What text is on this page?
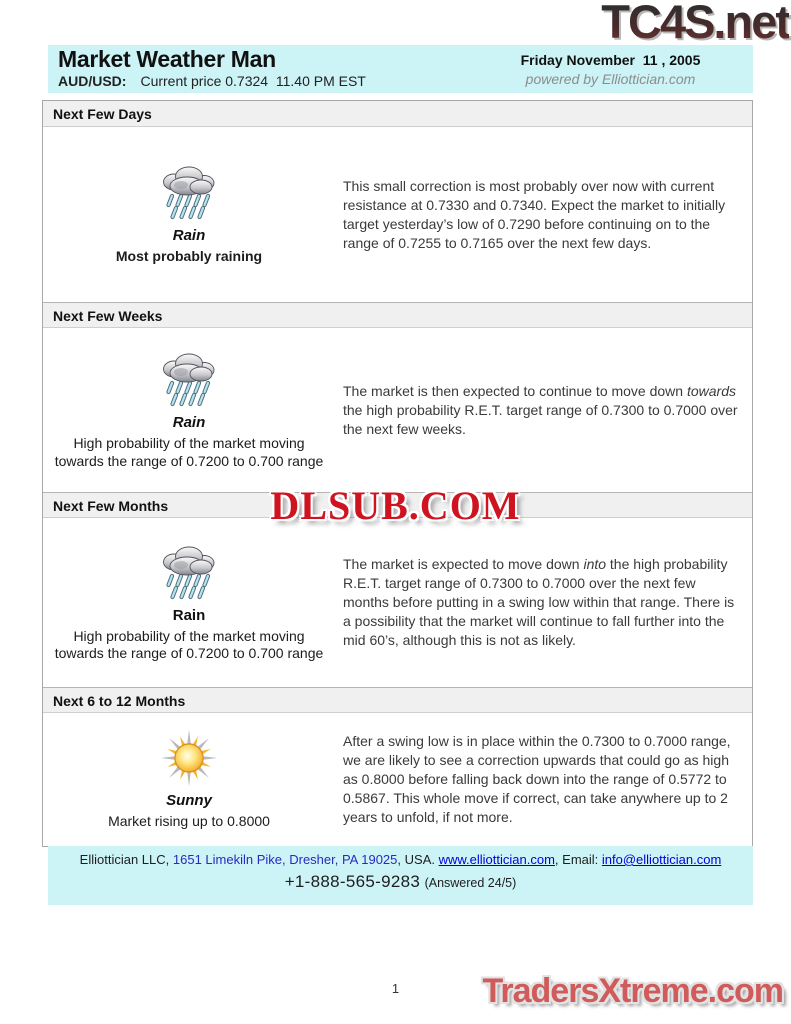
TC4S.net
Market Weather Man
AUD/USD: Current price 0.7324  11.40 PM EST
Friday November  11 , 2005
powered by Elliottician.com
Next Few Days
Rain
Most probably raining
This small correction is most probably over now with current resistance at 0.7330 and 0.7340. Expect the market to initially target yesterday’s low of 0.7290 before continuing on to the range of 0.7255 to 0.7165 over the next few days.
Next Few Weeks
Rain
High probability of the market moving towards the range of 0.7200 to 0.700 range
The market is then expected to continue to move down towards the high probability R.E.T. target range of 0.7300 to 0.7000 over the next few weeks.
Next Few Months
Rain
High probability of the market moving towards the range of 0.7200 to 0.700 range
The market is expected to move down into the high probability R.E.T. target range of 0.7300 to 0.7000 over the next few months before putting in a swing low within that range. There is a possibility that the market will continue to fall further into the mid 60’s, although this is not as likely.
Next 6 to 12 Months
Sunny
Market rising up to 0.8000
After a swing low is in place within the 0.7300 to 0.7000 range, we are likely to see a correction upwards that could go as high as 0.8000 before falling back down into the range of 0.5772 to 0.5867. This whole move if correct, can take anywhere up to 2 years to unfold, if not more.
Elliottician LLC, 1651 Limekiln Pike, Dresher, PA 19025, USA. www.elliottician.com, Email: info@elliottician.com
+1-888-565-9283 (Answered 24/5)
1
DLSUB.COM
TradersXtreme.com
